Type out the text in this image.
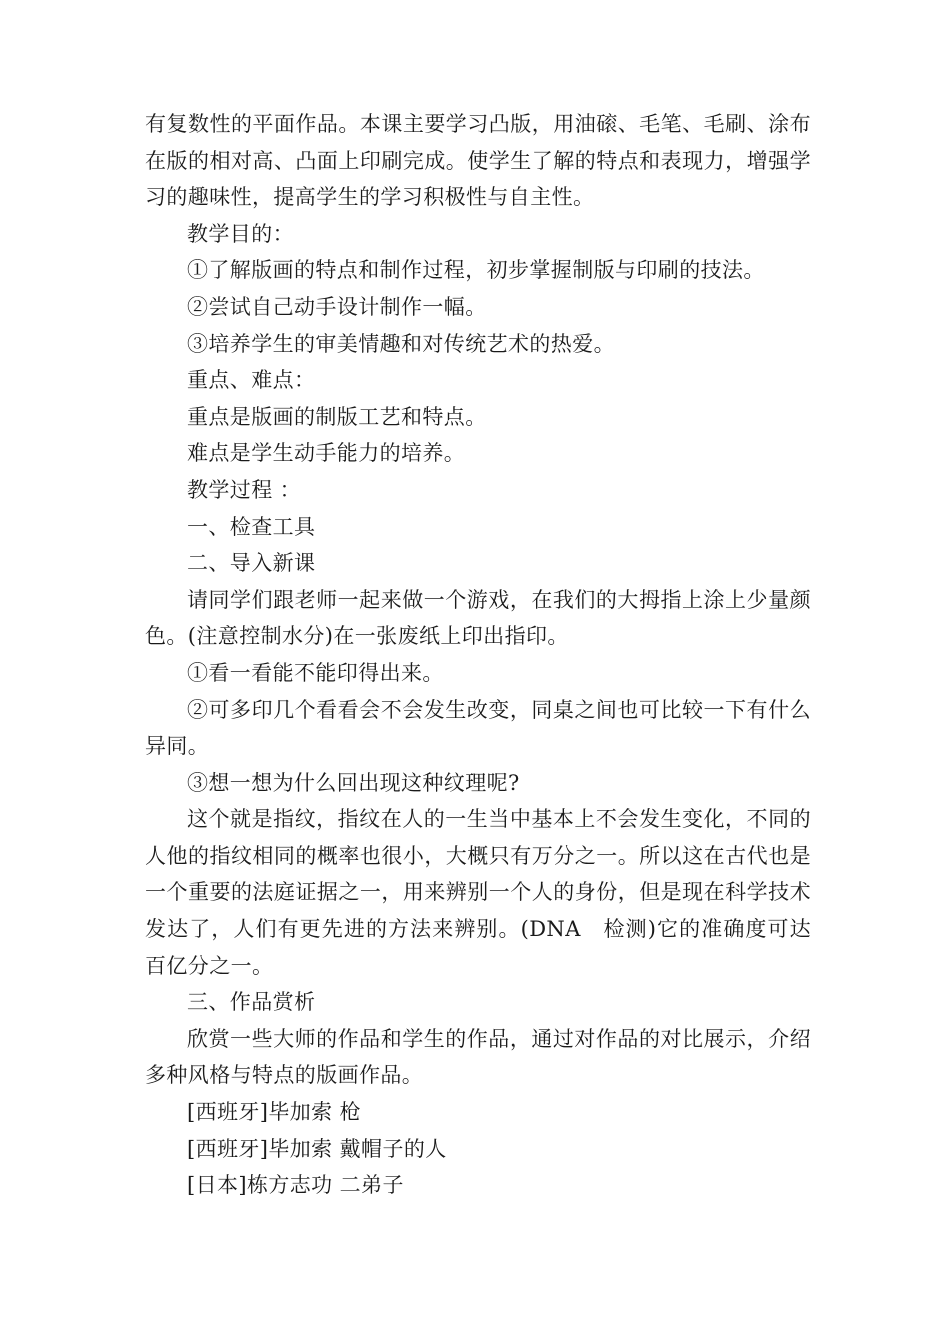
有复数性的平面作品。本课主要学习凸版，用油磙、毛笔、毛刷、涂布在版的相对高、凸面上印刷完成。使学生了解的特点和表现力，增强学习的趣味性，提高学生的学习积极性与自主性。

教学目的：

①了解版画的特点和制作过程，初步掌握制版与印刷的技法。

②尝试自己动手设计制作一幅。

③培养学生的审美情趣和对传统艺术的热爱。

重点、难点：

重点是版画的制版工艺和特点。

难点是学生动手能力的培养。

教学过程 ：

一、检查工具

二、导入新课

请同学们跟老师一起来做一个游戏，在我们的大拇指上涂上少量颜色。(注意控制水分)在一张废纸上印出指印。

①看一看能不能印得出来。

②可多印几个看看会不会发生改变，同桌之间也可比较一下有什么异同。

③想一想为什么回出现这种纹理呢?

这个就是指纹，指纹在人的一生当中基本上不会发生变化，不同的人他的指纹相同的概率也很小，大概只有万分之一。所以这在古代也是一个重要的法庭证据之一，用来辨别一个人的身份，但是现在科学技术发达了，人们有更先进的方法来辨别。(DNA　检测)它的准确度可达百亿分之一。

三、作品赏析

欣赏一些大师的作品和学生的作品，通过对作品的对比展示，介绍多种风格与特点的版画作品。

[西班牙]毕加索 枪

[西班牙]毕加索 戴帽子的人

[日本]栋方志功 二弟子
